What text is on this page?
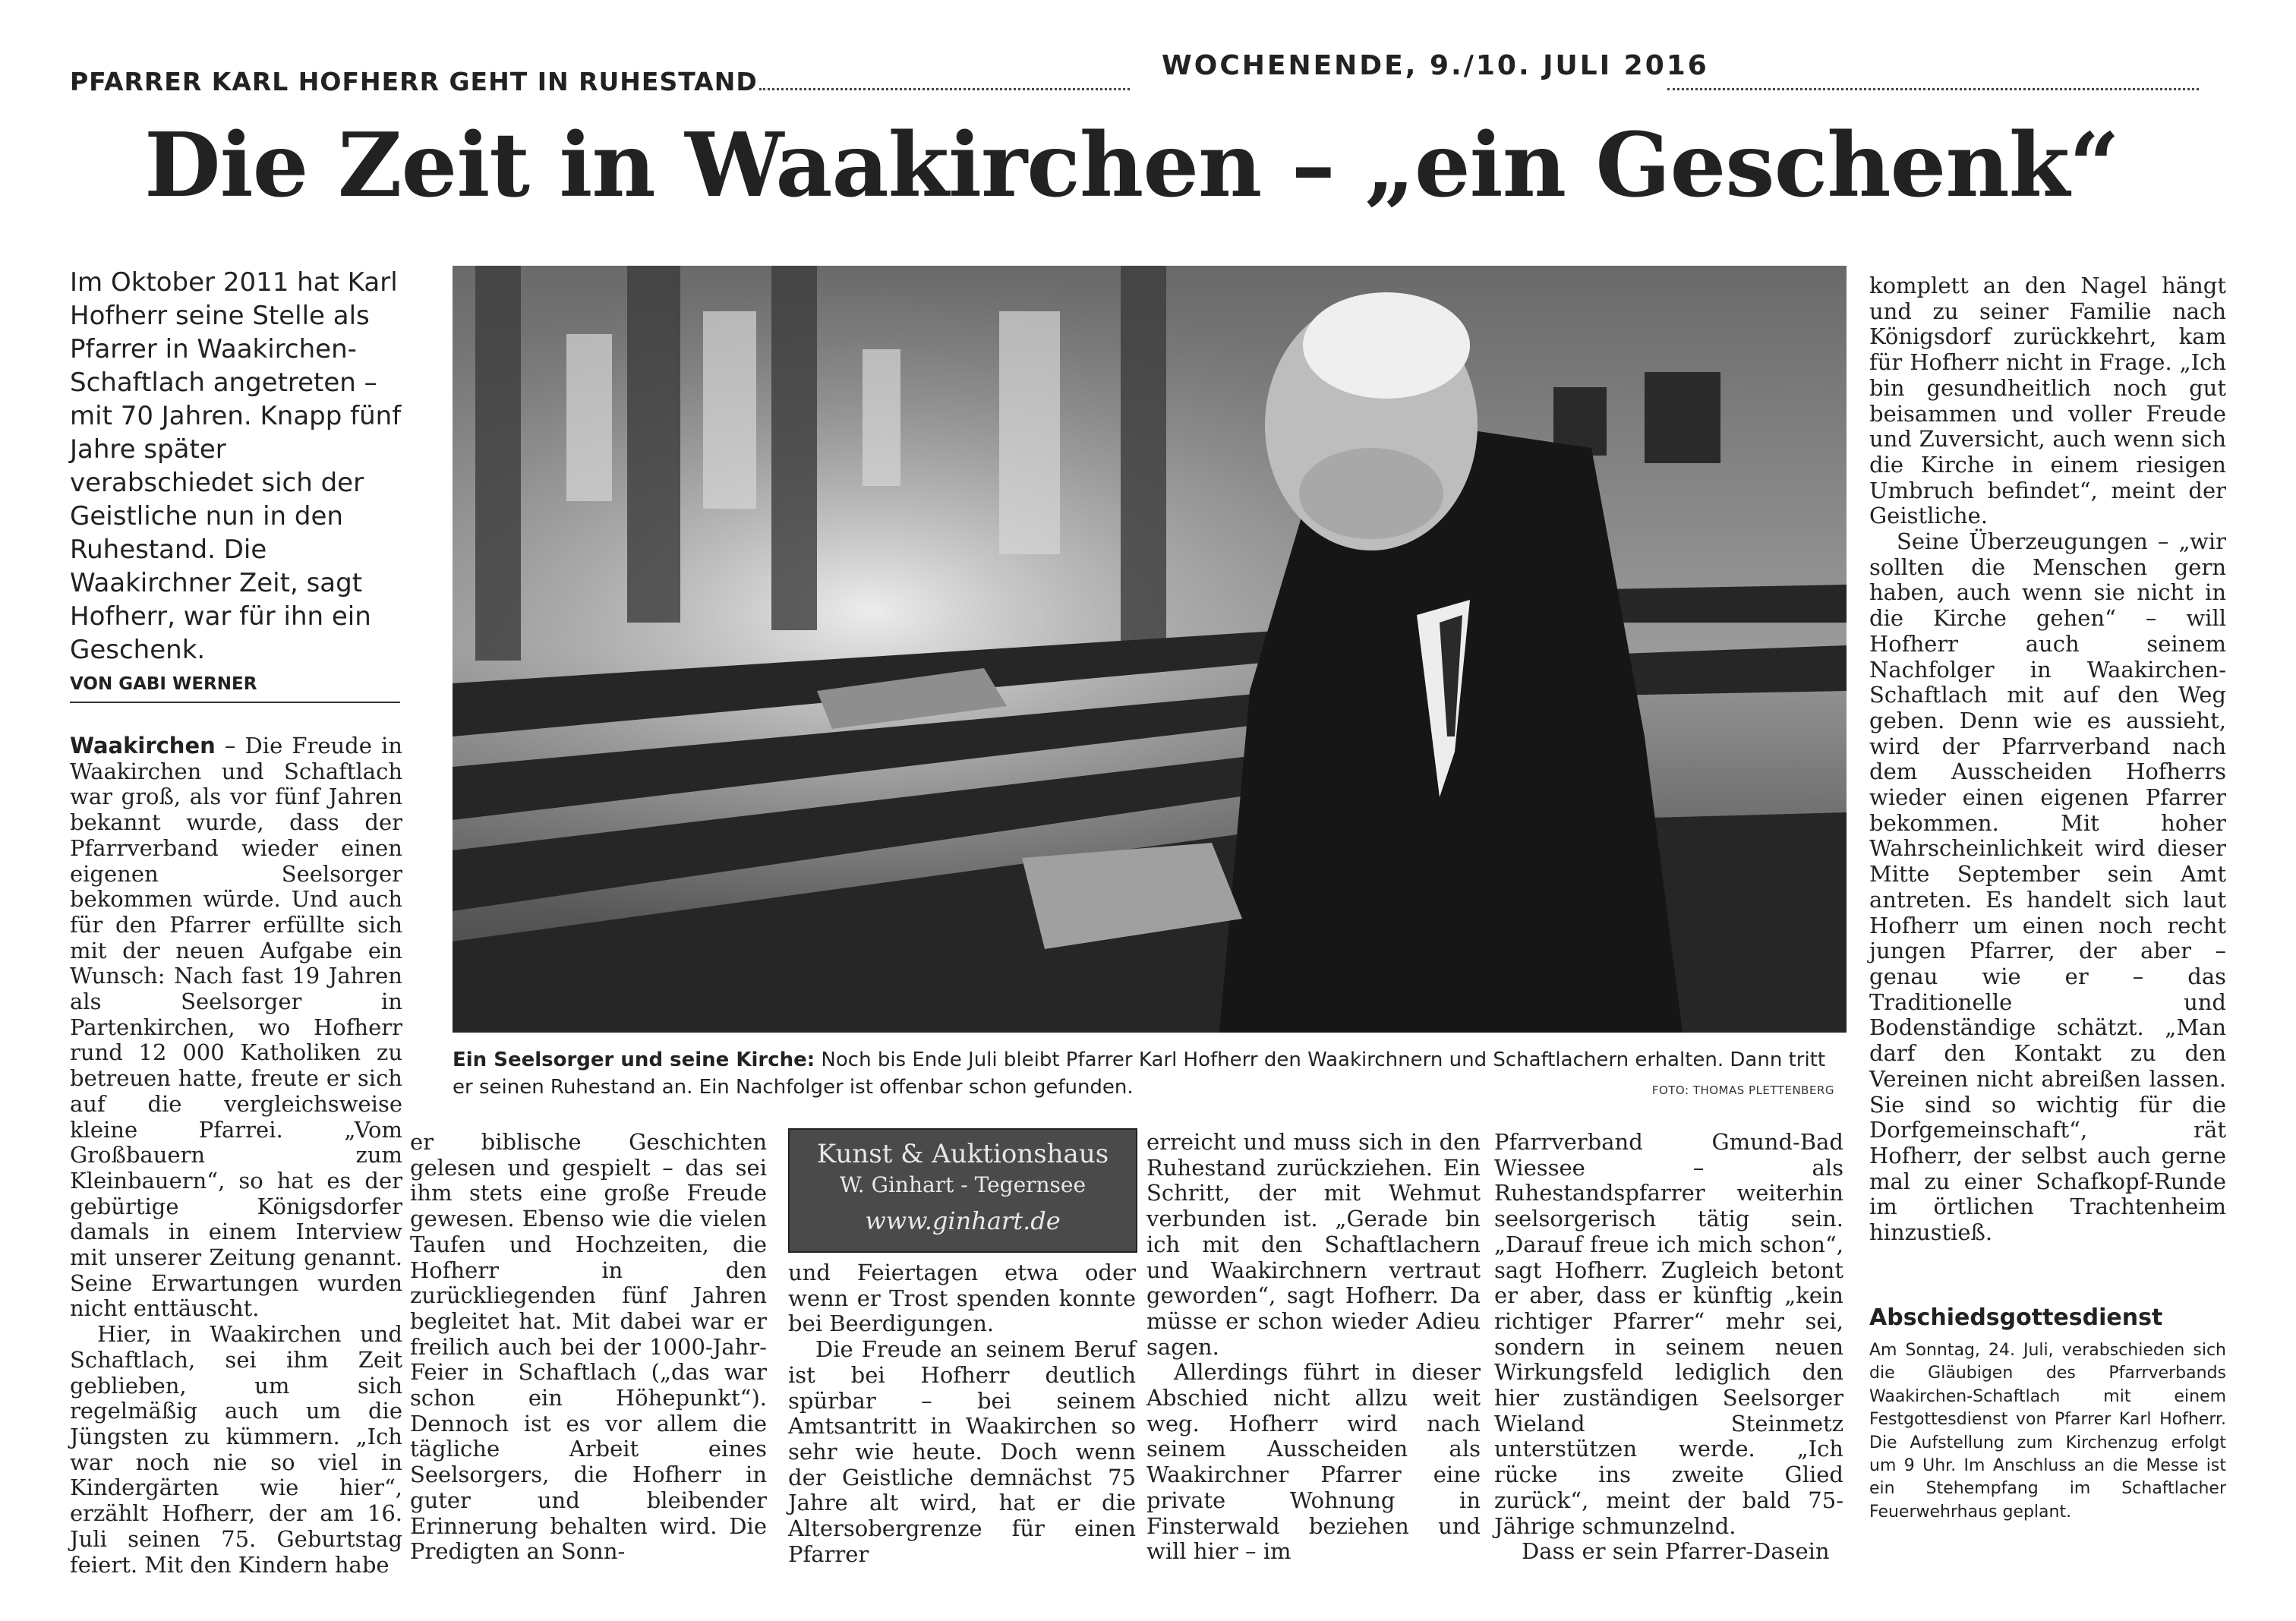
PFARRER KARL HOFHERR GEHT IN RUHESTAND
WOCHENENDE, 9./10. JULI 2016
Die Zeit in Waakirchen – „ein Geschenk“
Im Oktober 2011 hat Karl Hofherr seine Stelle als Pfarrer in Waakirchen-Schaftlach angetreten – mit 70 Jahren. Knapp fünf Jahre später verabschiedet sich der Geistliche nun in den Ruhestand. Die Waakirchner Zeit, sagt Hofherr, war für ihn ein Geschenk.
VON GABI WERNER

Waakirchen – Die Freude in Waakirchen und Schaftlach war groß, als vor fünf Jahren bekannt wurde, dass der Pfarrverband wieder einen eigenen Seelsorger bekommen würde. Und auch für den Pfarrer erfüllte sich mit der neuen Aufgabe ein Wunsch: Nach fast 19 Jahren als Seelsorger in Partenkirchen, wo Hofherr rund 12 000 Katholiken zu betreuen hatte, freute er sich auf die vergleichsweise kleine Pfarrei. „Vom Großbauern zum Kleinbauern“, so hat es der gebürtige Königsdorfer damals in einem Interview mit unserer Zeitung genannt. Seine Erwartungen wurden nicht enttäuscht.

Hier, in Waakirchen und Schaftlach, sei ihm Zeit geblieben, um sich regelmäßig auch um die Jüngsten zu kümmern. „Ich war noch nie so viel in Kindergärten wie hier“, erzählt Hofherr, der am 16. Juli seinen 75. Geburtstag feiert. Mit den Kindern habe

er biblische Geschichten gelesen und gespielt – das sei ihm stets eine große Freude gewesen. Ebenso wie die vielen Taufen und Hochzeiten, die Hofherr in den zurückliegenden fünf Jahren begleitet hat. Mit dabei war er freilich auch bei der 1000-Jahr-Feier in Schaftlach („das war schon ein Höhepunkt“). Dennoch ist es vor allem die tägliche Arbeit eines Seelsorgers, die Hofherr in guter und bleibender Erinnerung behalten wird. Die Predigten an Sonn-

Kunst & Auktionshaus
W. Ginhart - Tegernsee
www.ginhart.de

und Feiertagen etwa oder wenn er Trost spenden konnte bei Beerdigungen.

Die Freude an seinem Beruf ist bei Hofherr deutlich spürbar – bei seinem Amtsantritt in Waakirchen so sehr wie heute. Doch wenn der Geistliche demnächst 75 Jahre alt wird, hat er die Altersobergrenze für einen Pfarrer

erreicht und muss sich in den Ruhestand zurückziehen. Ein Schritt, der mit Wehmut verbunden ist. „Gerade bin ich mit den Schaftlachern und Waakirchnern vertraut geworden“, sagt Hofherr. Da müsse er schon wieder Adieu sagen.

Allerdings führt in dieser Abschied nicht allzu weit weg. Hofherr wird nach seinem Ausscheiden als Waakirchner Pfarrer eine private Wohnung in Finsterwald beziehen und will hier – im

Pfarrverband Gmund-Bad Wiessee – als Ruhestandspfarrer weiterhin seelsorgerisch tätig sein. „Darauf freue ich mich schon“, sagt Hofherr. Zugleich betont er aber, dass er künftig „kein richtiger Pfarrer“ mehr sei, sondern in seinem neuen Wirkungsfeld lediglich den hier zuständigen Seelsorger Wieland Steinmetz unterstützen werde. „Ich rücke ins zweite Glied zurück“, meint der bald 75-Jährige schmunzelnd.

Dass er sein Pfarrer-Dasein

komplett an den Nagel hängt und zu seiner Familie nach Königsdorf zurückkehrt, kam für Hofherr nicht in Frage. „Ich bin gesundheitlich noch gut beisammen und voller Freude und Zuversicht, auch wenn sich die Kirche in einem riesigen Umbruch befindet“, meint der Geistliche.

Seine Überzeugungen – „wir sollten die Menschen gern haben, auch wenn sie nicht in die Kirche gehen“ – will Hofherr auch seinem Nachfolger in Waakirchen-Schaftlach mit auf den Weg geben. Denn wie es aussieht, wird der Pfarrverband nach dem Ausscheiden Hofherrs wieder einen eigenen Pfarrer bekommen. Mit hoher Wahrscheinlichkeit wird dieser Mitte September sein Amt antreten. Es handelt sich laut Hofherr um einen noch recht jungen Pfarrer, der aber – genau wie er – das Traditionelle und Bodenständige schätzt. „Man darf den Kontakt zu den Vereinen nicht abreißen lassen. Sie sind so wichtig für die Dorfgemeinschaft“, rät Hofherr, der selbst auch gerne mal zu einer Schafkopf-Runde im örtlichen Trachtenheim hinzustieß.

Ein Seelsorger und seine Kirche: Noch bis Ende Juli bleibt Pfarrer Karl Hofherr den Waakirchnern und Schaftlachern erhalten. Dann tritt er seinen Ruhestand an. Ein Nachfolger ist offenbar schon gefunden.	FOTO: THOMAS PLETTENBERG
Abschiedsgottesdienst
Am Sonntag, 24. Juli, verabschieden sich die Gläubigen des Pfarrverbands Waakirchen-Schaftlach mit einem Festgottesdienst von Pfarrer Karl Hofherr. Die Aufstellung zum Kirchenzug erfolgt um 9 Uhr. Im Anschluss an die Messe ist ein Stehempfang im Schaftlacher Feuerwehrhaus geplant.
